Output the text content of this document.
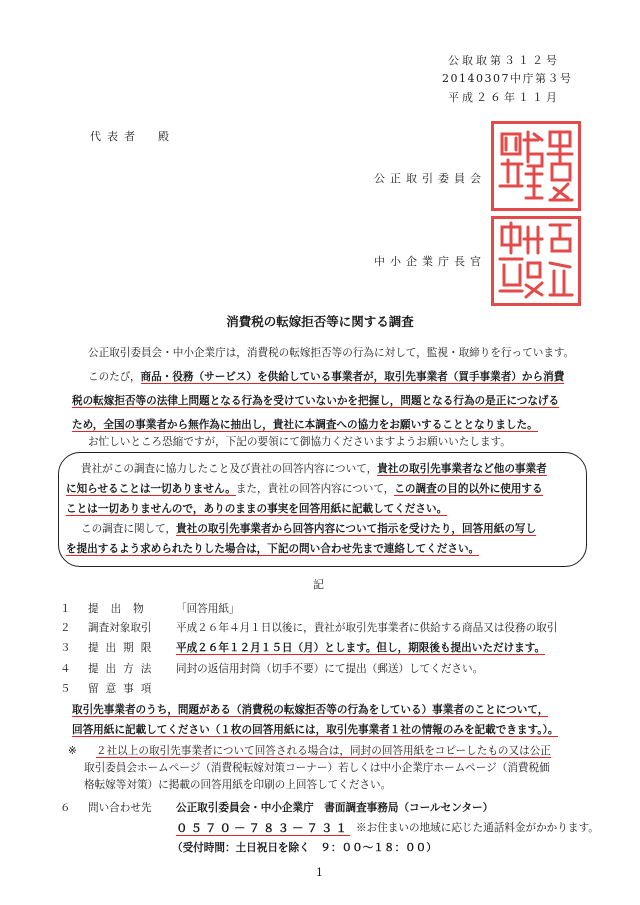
公取取第３１２号
20140307中庁第３号
平成２６年１１月
代表者　殿
公正取引委員会
中小企業庁長官
消費税の転嫁拒否等に関する調査
公正取引委員会・中小企業庁は，消費税の転嫁拒否等の行為に対して，監視・取締りを行っています。
このたび，商品・役務（サービス）を供給している事業者が，取引先事業者（買手事業者）から消費
税の転嫁拒否等の法律上問題となる行為を受けていないかを把握し，問題となる行為の是正につなげる
ため，全国の事業者から無作為に抽出し，貴社に本調査への協力をお願いすることとなりました。
お忙しいところ恐縮ですが，下記の要領にて御協力くださいますようお願いいたします。
貴社がこの調査に協力したこと及び貴社の回答内容について，貴社の取引先事業者など他の事業者
に知らせることは一切ありません。また，貴社の回答内容について，この調査の目的以外に使用する
ことは一切ありませんので，ありのままの事実を回答用紙に記載してください。
この調査に関して，貴社の取引先事業者から回答内容について指示を受けたり，回答用紙の写し
を提出するよう求められたりした場合は，下記の問い合わせ先まで連絡してください。
記
１ 提出物 「回答用紙」
２ 調査対象取引 平成２６年４月１日以後に，貴社が取引先事業者に供給する商品又は役務の取引
３ 提出期限 平成２６年１２月１５日（月）とします。但し，期限後も提出いただけます。
４ 提出方法 同封の返信用封筒（切手不要）にて提出（郵送）してください。
５ 留意事項
取引先事業者のうち，問題がある（消費税の転嫁拒否等の行為をしている）事業者のことについて，
回答用紙に記載してください（１枚の回答用紙には，取引先事業者１社の情報のみを記載できます。）。
※ ２社以上の取引先事業者について回答される場合は，同封の回答用紙をコピーしたもの又は公正
取引委員会ホームページ（消費税転嫁対策コーナー）若しくは中小企業庁ホームページ（消費税価
格転嫁等対策）に掲載の回答用紙を印刷の上回答してください。
６ 問い合わせ先 公正取引委員会・中小企業庁　書面調査事務局（コールセンター）
０５７０－７８３－７３１ ※お住まいの地域に応じた通話料金がかかります。
（受付時間：土日祝日を除く　９：００～１８：００）
1
